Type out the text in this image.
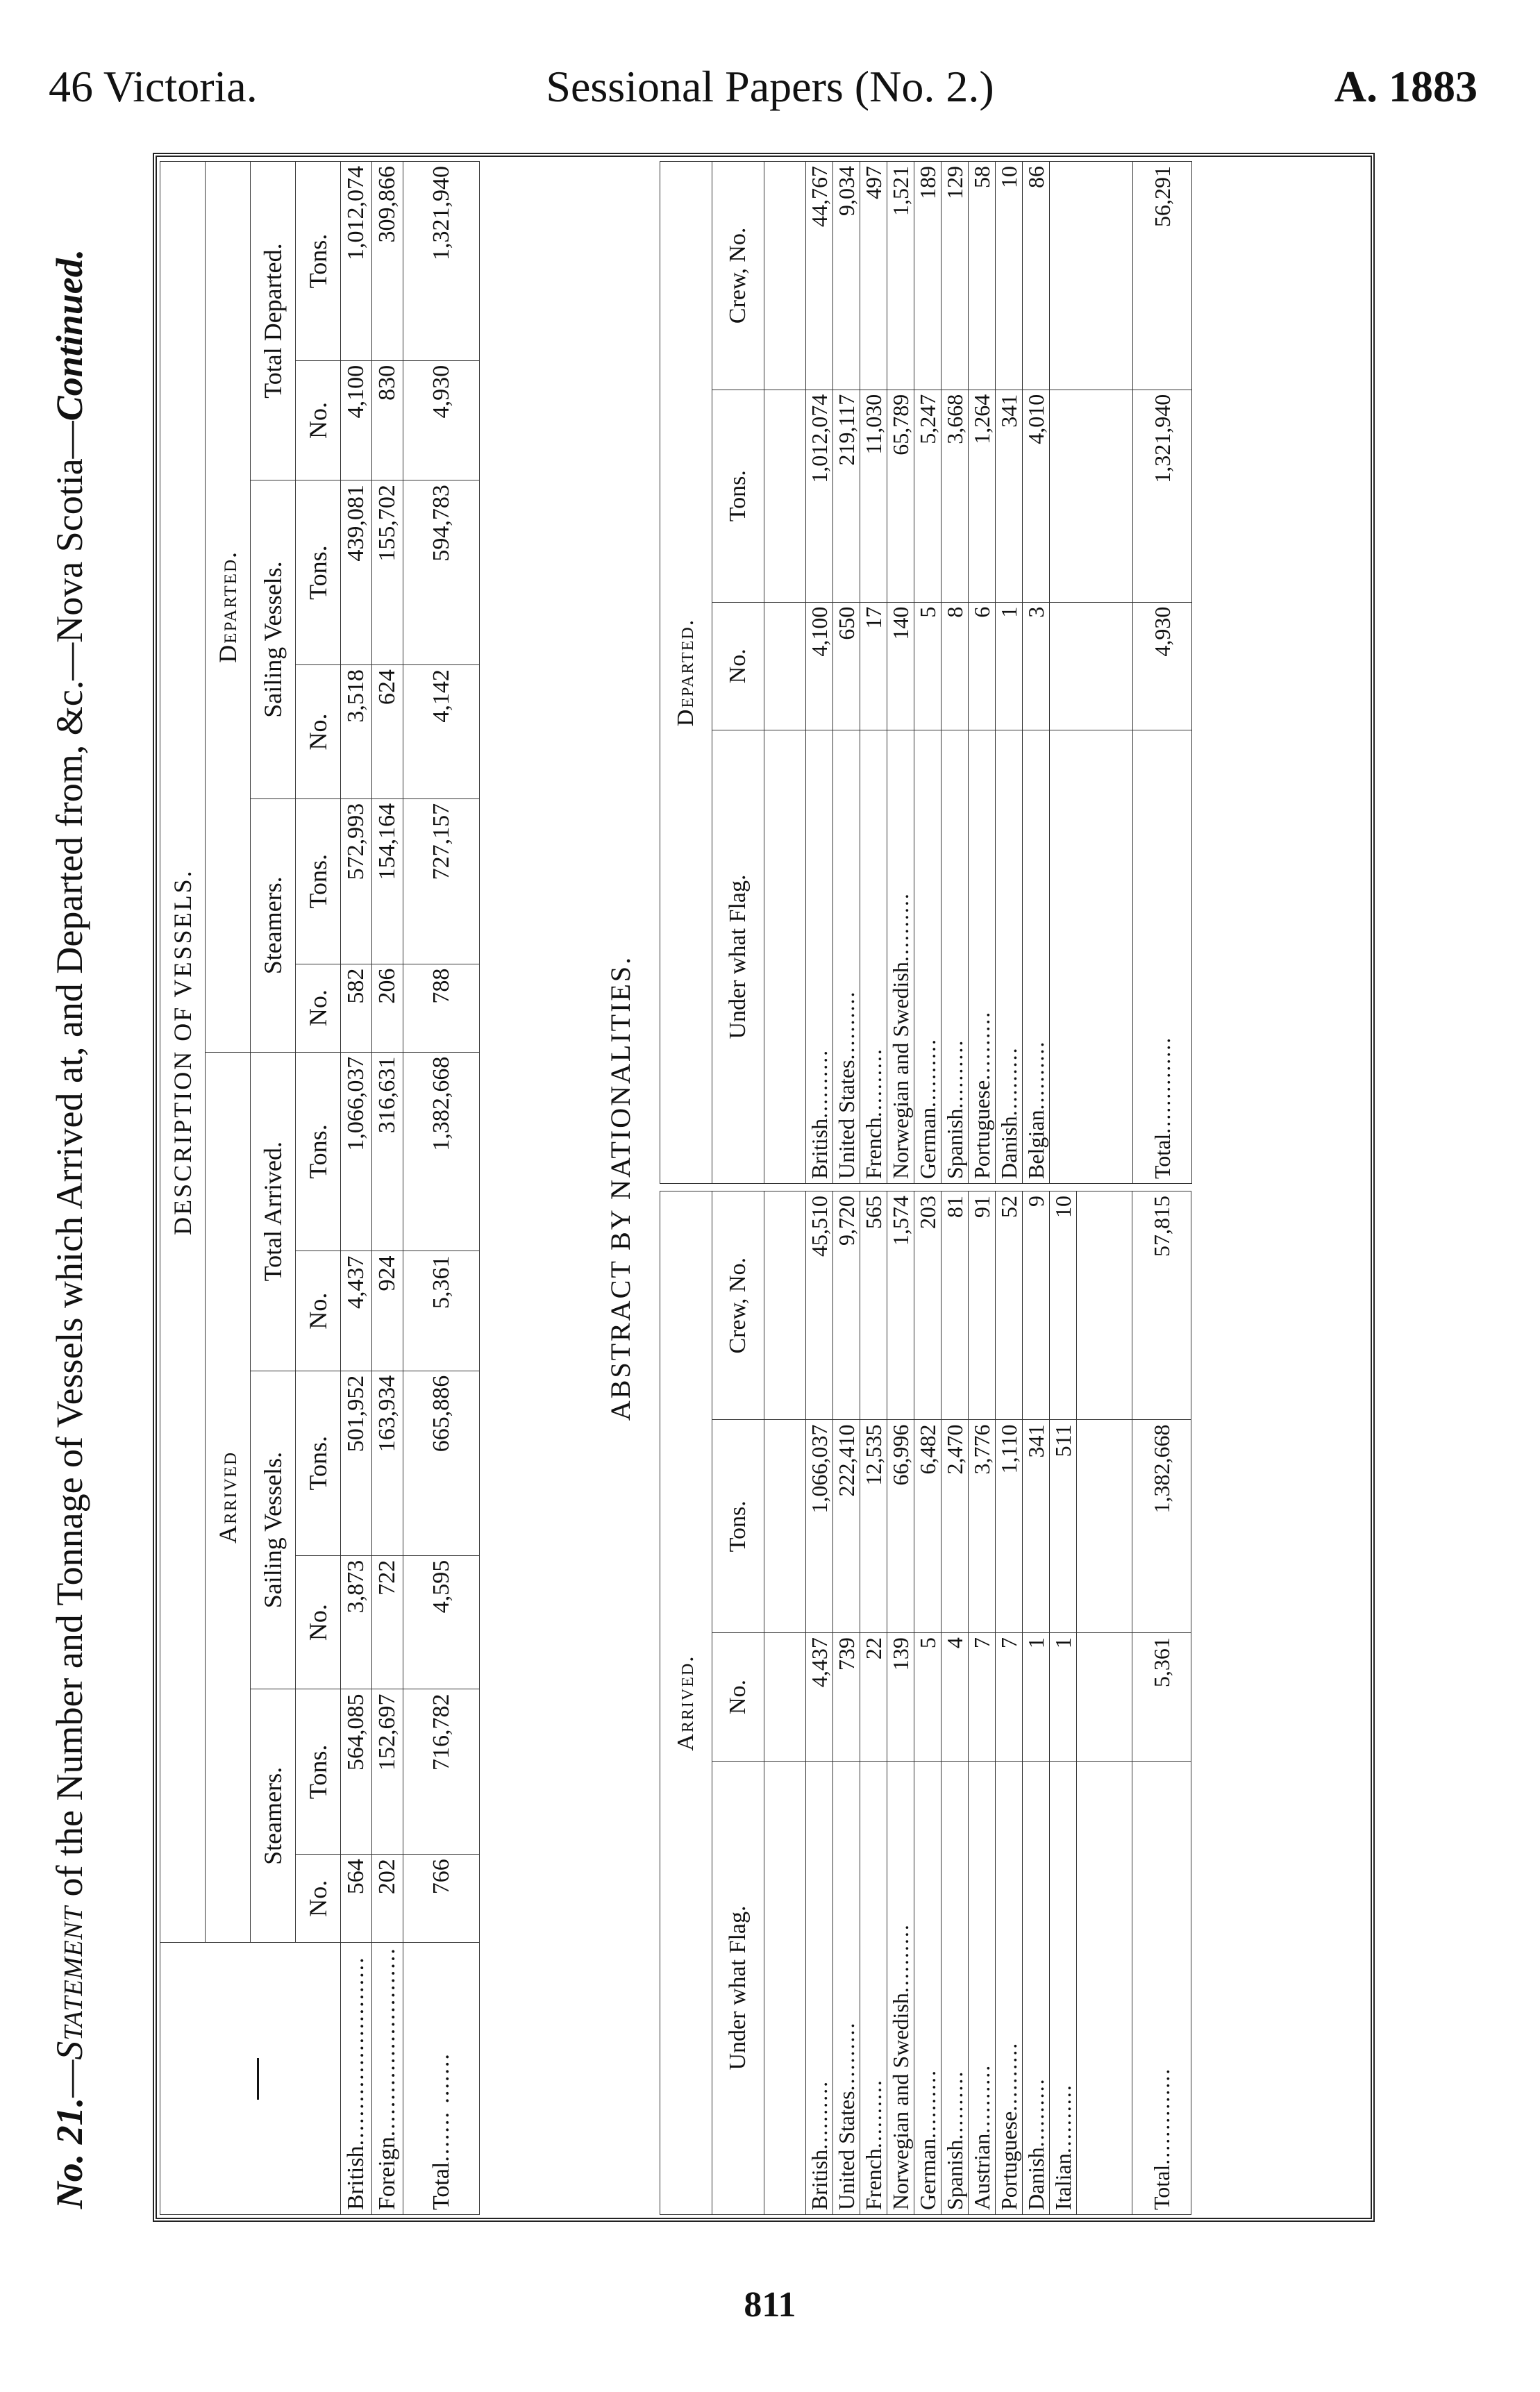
46 Victoria.	Sessional Papers (No. 2.)	A. 1883
No. 21.—Statement of the Number and Tonnage of Vessels which Arrived at, and Departed from, &c.—Nova Scotia—Continued.
	DESCRIPTION OF VESSELS.											
	Arrived						Departed.					
	Steamers.		Sailing Vessels.		Total Arrived.		Steamers.		Sailing Vessels.		Total Departed.	
	No.	Tons.	No.	Tons.	No.	Tons.	No.	Tons.	No.	Tons.	No.	Tons.
British..........................	564	564,085	3,873	501,952	4,437	1,066,037	582	572,993	3,518	439,081	4,100	1,012,074
Foreign..........................	202	152,697	722	163,934	924	316,631	206	154,164	624	155,702	830	309,866
Total....... .......	766	716,782	4,595	665,886	5,361	1,382,668	788	727,157	4,142	594,783	4,930	1,321,940
ABSTRACT BY NATIONALITIES.
Arrived.			
Under what Flag.	No.	Tons.	Crew, No.

British..........	4,437	1,066,037	45,510
United States..........	739	222,410	9,720
French..........	22	12,535	565
Norwegian and Swedish..........	139	66,996	1,574
German..........	5	6,482	203
Spanish..........	4	2,470	81
Austrian..........	7	3,776	91
Portuguese..........	7	1,110	52
Danish..........	1	341	9
Italian..........	1	511	10

Total..............	5,361	1,382,668	57,815
Departed.			
Under what Flag.	No.	Tons.	Crew, No.

British..........	4,100	1,012,074	44,767
United States..........	650	219,117	9,034
French..........	17	11,030	497
Norwegian and Swedish..........	140	65,789	1,521
German..........	5	5,247	189
Spanish..........	8	3,668	129
Portuguese..........	6	1,264	58
Danish..........	1	341	10
Belgian..........	3	4,010	86

Total..............	4,930	1,321,940	56,291
811
